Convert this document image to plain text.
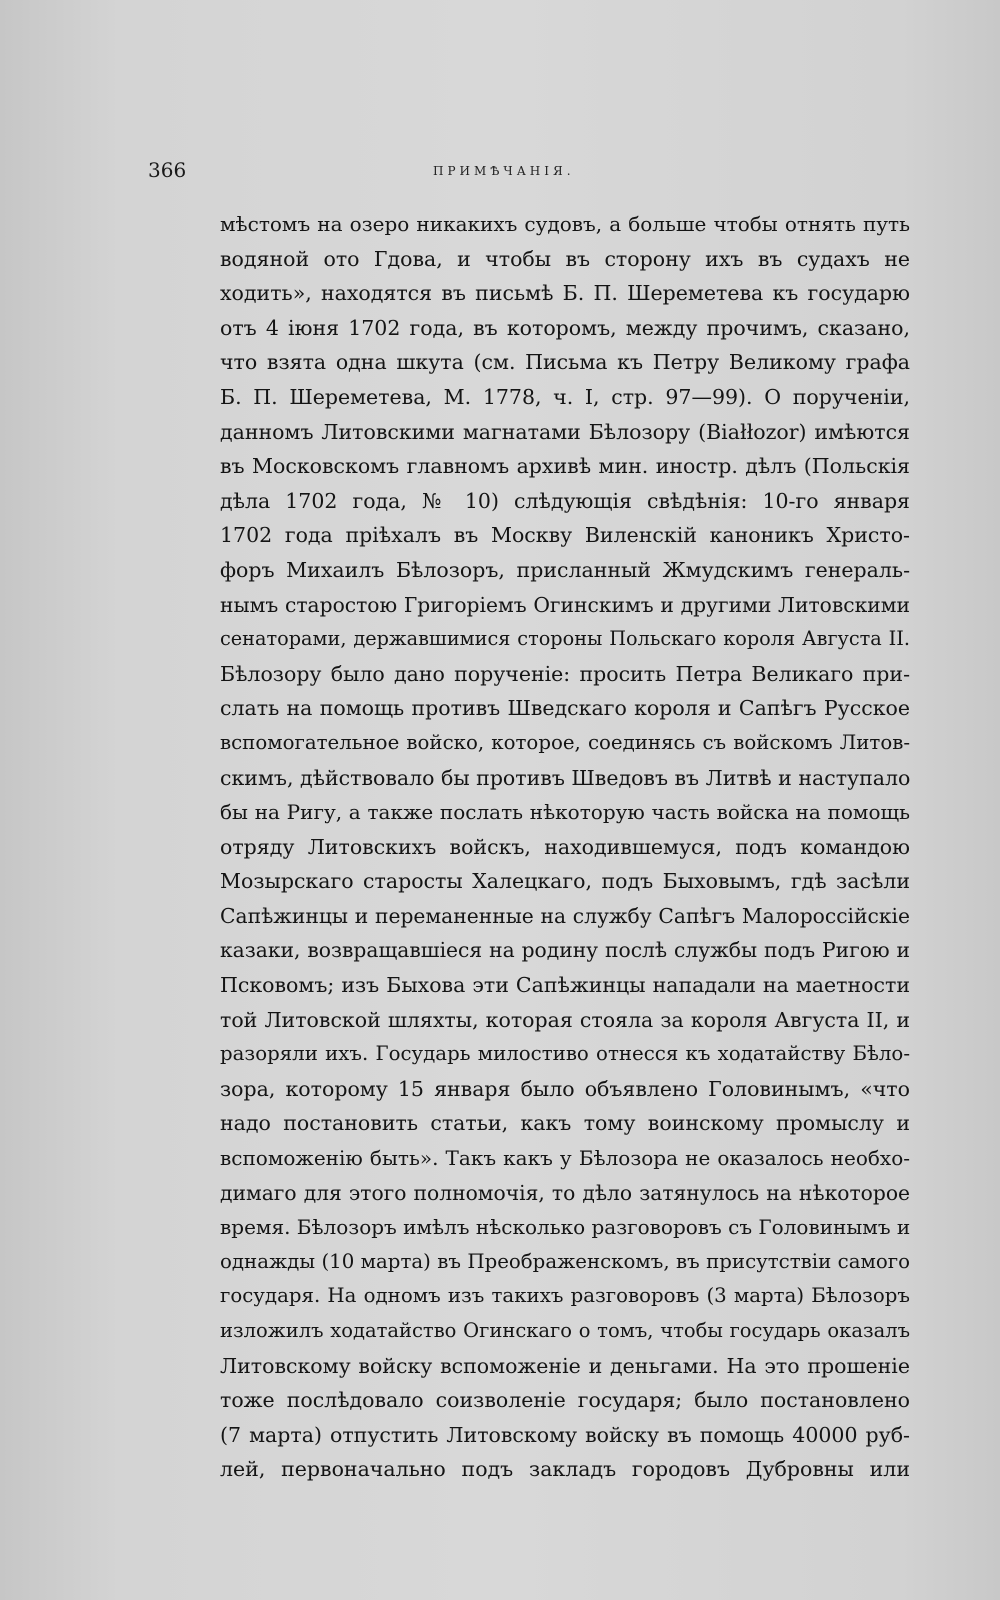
366	ПРИМѢЧАНІЯ.
мѣстомъ на озеро никакихъ судовъ, а больше чтобы отнять путь
водяной ото Гдова, и чтобы въ сторону ихъ въ судахъ не
ходить», находятся въ письмѣ Б. П. Шереметева къ государю
отъ 4 іюня 1702 года, въ которомъ, между прочимъ, сказано,
что взята одна шкута (см. Письма къ Петру Великому графа
Б. П. Шереметева, М. 1778, ч. I, стр. 97—99). О порученіи,
данномъ Литовскими магнатами Бѣлозору (Białłozor) имѣются
въ Московскомъ главномъ архивѣ мин. иностр. дѣлъ (Польскія
дѣла 1702 года, № 10) слѣдующія свѣдѣнія: 10-го января
1702 года пріѣхалъ въ Москву Виленскій каноникъ Христо-
форъ Михаилъ Бѣлозоръ, присланный Жмудскимъ генераль-
нымъ старостою Григоріемъ Огинскимъ и другими Литовскими
сенаторами, державшимися стороны Польскаго короля Августа II.
Бѣлозору было дано порученіе: просить Петра Великаго при-
слать на помощь противъ Шведскаго короля и Сапѣгъ Русское
вспомогательное войско, которое, соединясь съ войскомъ Литов-
скимъ, дѣйствовало бы противъ Шведовъ въ Литвѣ и наступало
бы на Ригу, а также послать нѣкоторую часть войска на помощь
отряду Литовскихъ войскъ, находившемуся, подъ командою
Мозырскаго старосты Халецкаго, подъ Быховымъ, гдѣ засѣли
Сапѣжинцы и переманенные на службу Сапѣгъ Малороссійскіе
казаки, возвращавшіеся на родину послѣ службы подъ Ригою и
Псковомъ; изъ Быхова эти Сапѣжинцы нападали на маетности
той Литовской шляхты, которая стояла за короля Августа II, и
разоряли ихъ. Государь милостиво отнесся къ ходатайству Бѣло-
зора, которому 15 января было объявлено Головинымъ, «что
надо постановить статьи, какъ тому воинскому промыслу и
вспоможенію быть». Такъ какъ у Бѣлозора не оказалось необхо-
димаго для этого полномочія, то дѣло затянулось на нѣкоторое
время. Бѣлозоръ имѣлъ нѣсколько разговоровъ съ Головинымъ и
однажды (10 марта) въ Преображенскомъ, въ присутствіи самого
государя. На одномъ изъ такихъ разговоровъ (3 марта) Бѣлозоръ
изложилъ ходатайство Огинскаго о томъ, чтобы государь оказалъ
Литовскому войску вспоможеніе и деньгами. На это прошеніе
тоже послѣдовало соизволеніе государя; было постановлено
(7 марта) отпустить Литовскому войску въ помощь 40000 руб-
лей, первоначально подъ закладъ городовъ Дубровны или
